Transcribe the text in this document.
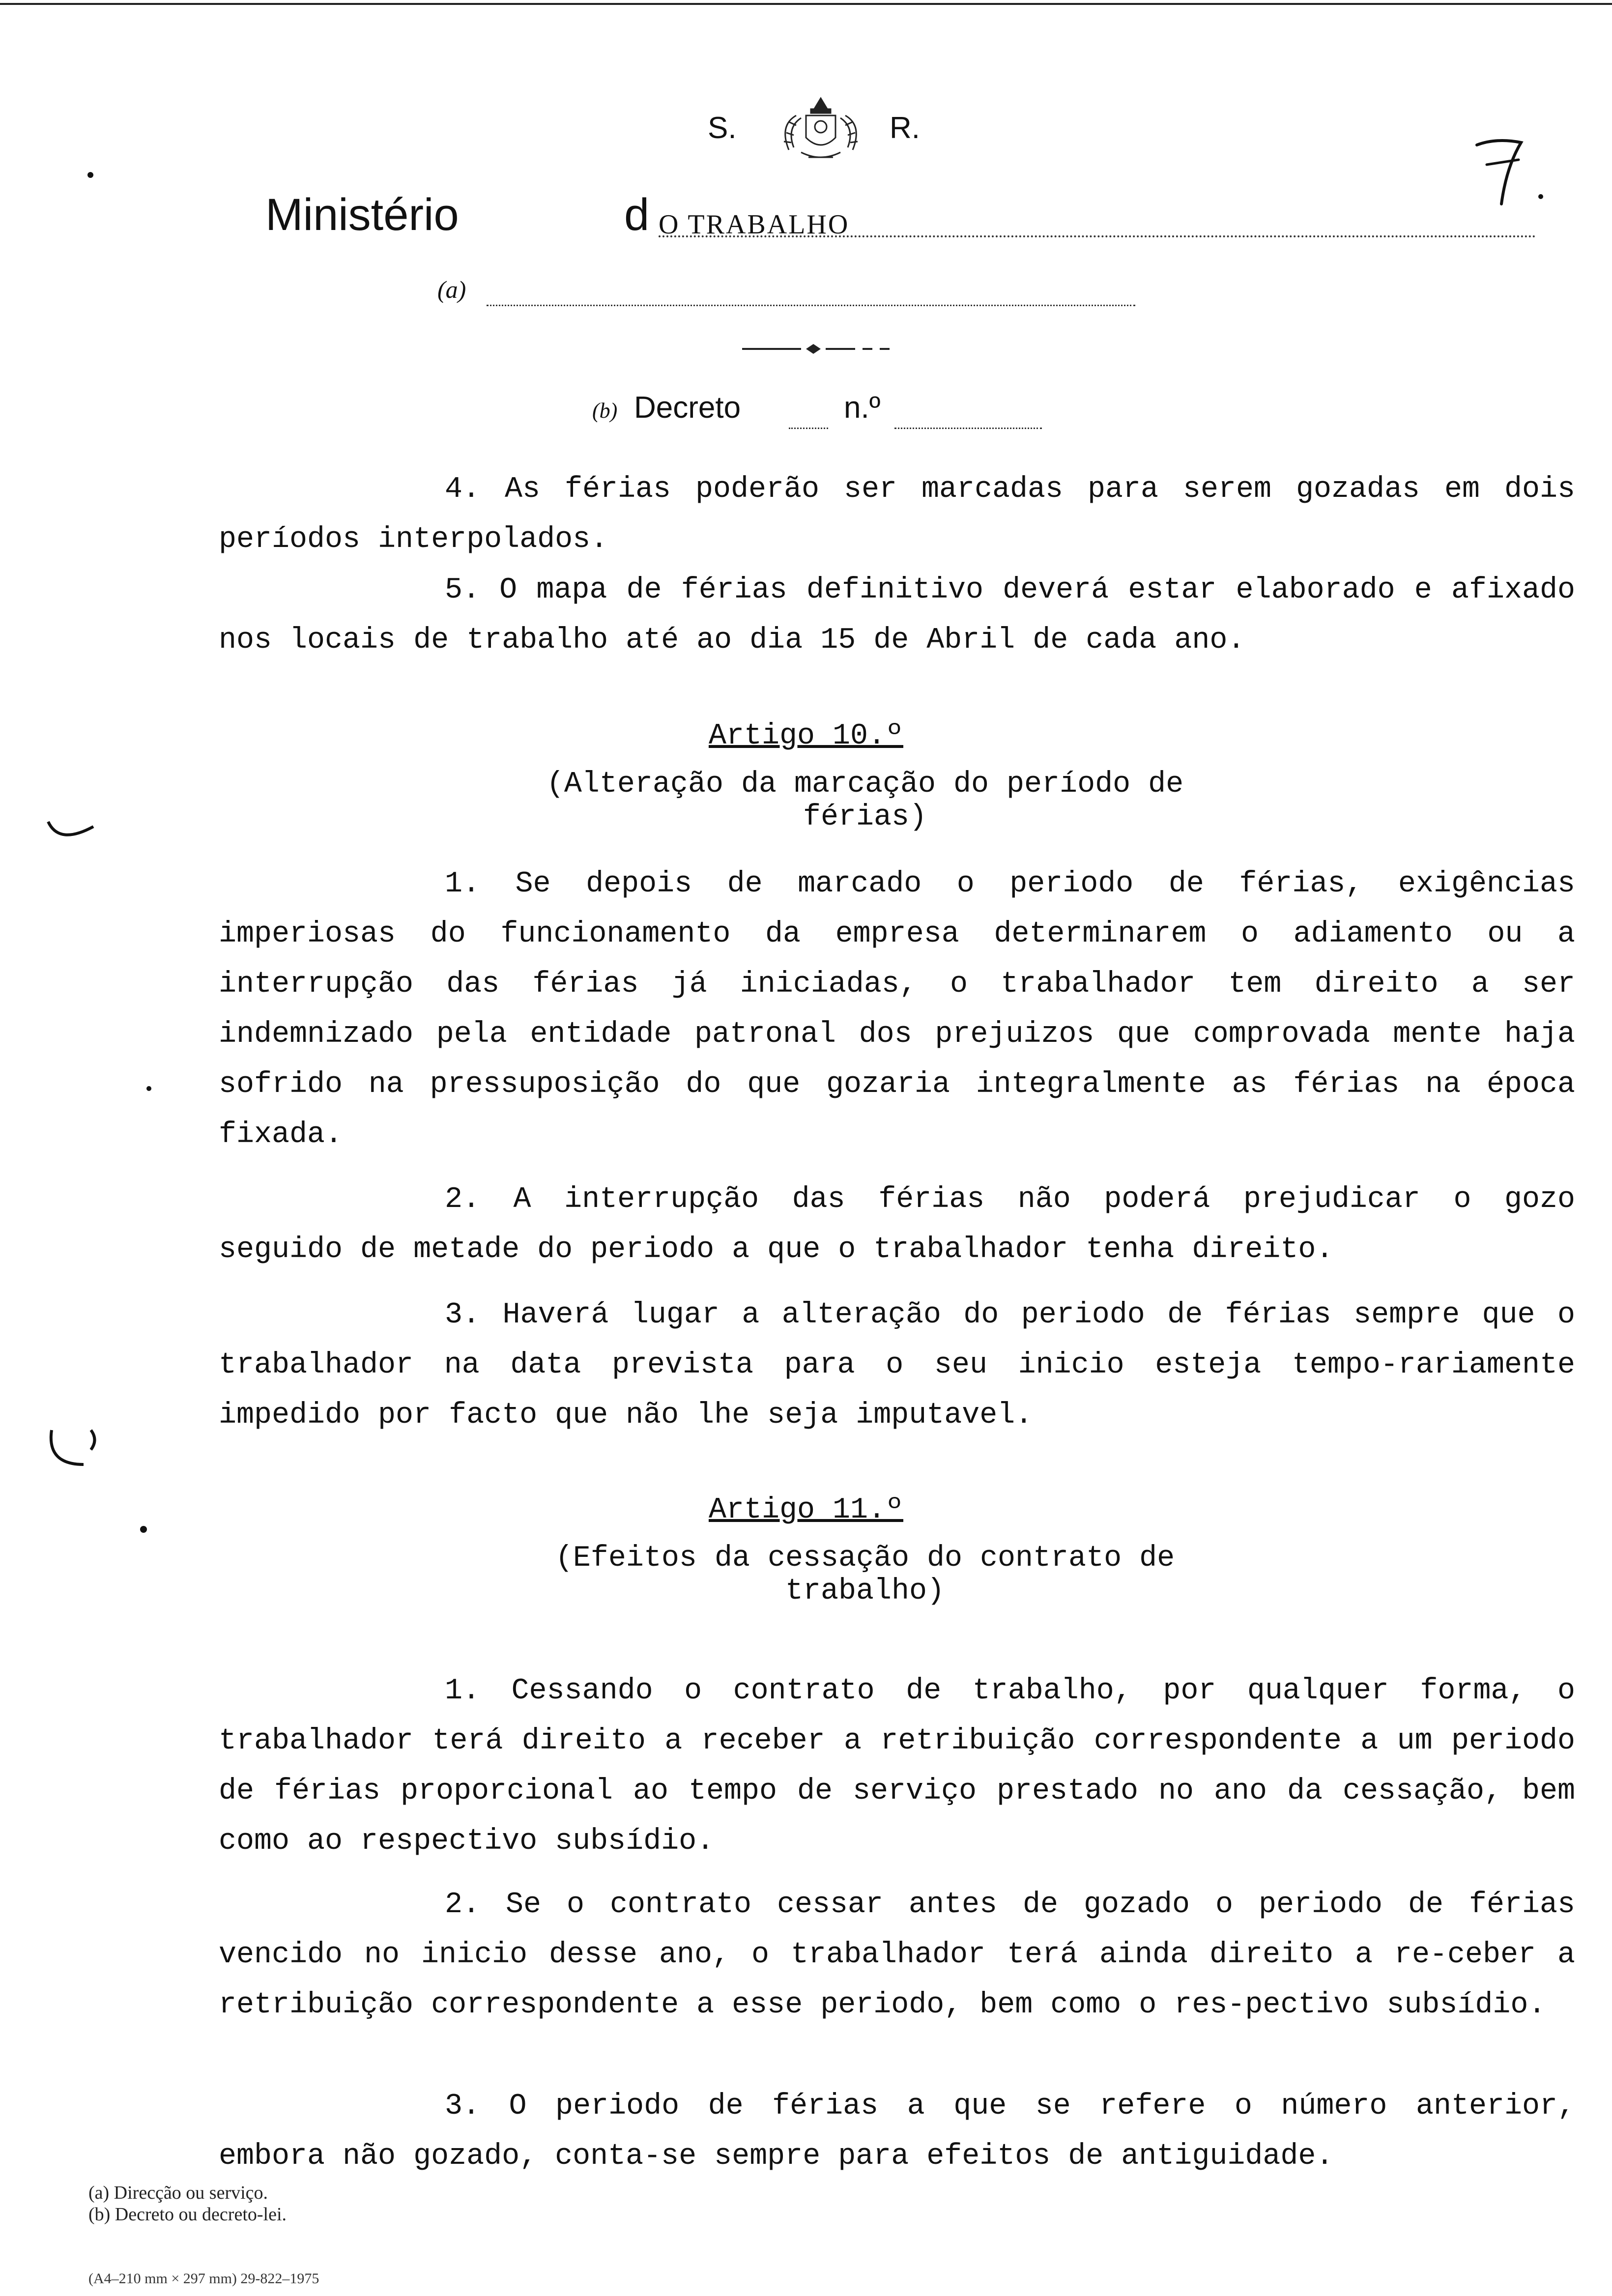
S.	R.
Ministério	d O TRABALHO
(a)
(b) Decreto	n.º

4. As férias poderão ser marcadas para serem gozadas em dois períodos interpolados.

5. O mapa de férias definitivo deverá estar elaborado e afixado nos locais de trabalho até ao dia 15 de Abril de cada ano.

Artigo 10.º

(Alteração da marcação do período de

férias)

1. Se depois de marcado o periodo de férias, exigências imperiosas do funcionamento da empresa determinarem o adiamento ou a interrupção das férias já iniciadas, o trabalhador tem direito a ser indemnizado pela entidade patronal dos prejuizos que comprovada mente haja sofrido na pressuposição do que gozaria integralmente as férias na época fixada.

2. A interrupção das férias não poderá prejudicar o gozo seguido de metade do periodo a que o trabalhador tenha direito.

3. Haverá lugar a alteração do periodo de férias sempre que o trabalhador na data prevista para o seu inicio esteja tempo-rariamente impedido por facto que não lhe seja imputavel.

Artigo 11.º

(Efeitos da cessação do contrato de

trabalho)

1. Cessando o contrato de trabalho, por qualquer forma, o trabalhador terá direito a receber a retribuição correspondente a um periodo de férias proporcional ao tempo de serviço prestado no ano da cessação, bem como ao respectivo subsídio.

2. Se o contrato cessar antes de gozado o periodo de férias vencido no inicio desse ano, o trabalhador terá ainda direito a re-ceber a retribuição correspondente a esse periodo, bem como o res-pectivo subsídio.

3. O periodo de férias a que se refere o número anterior, embora não gozado, conta-se sempre para efeitos de antiguidade.

(a) Direcção ou serviço.

(b) Decreto ou decreto-lei.

(A4–210 mm × 297 mm) 29-822–1975
